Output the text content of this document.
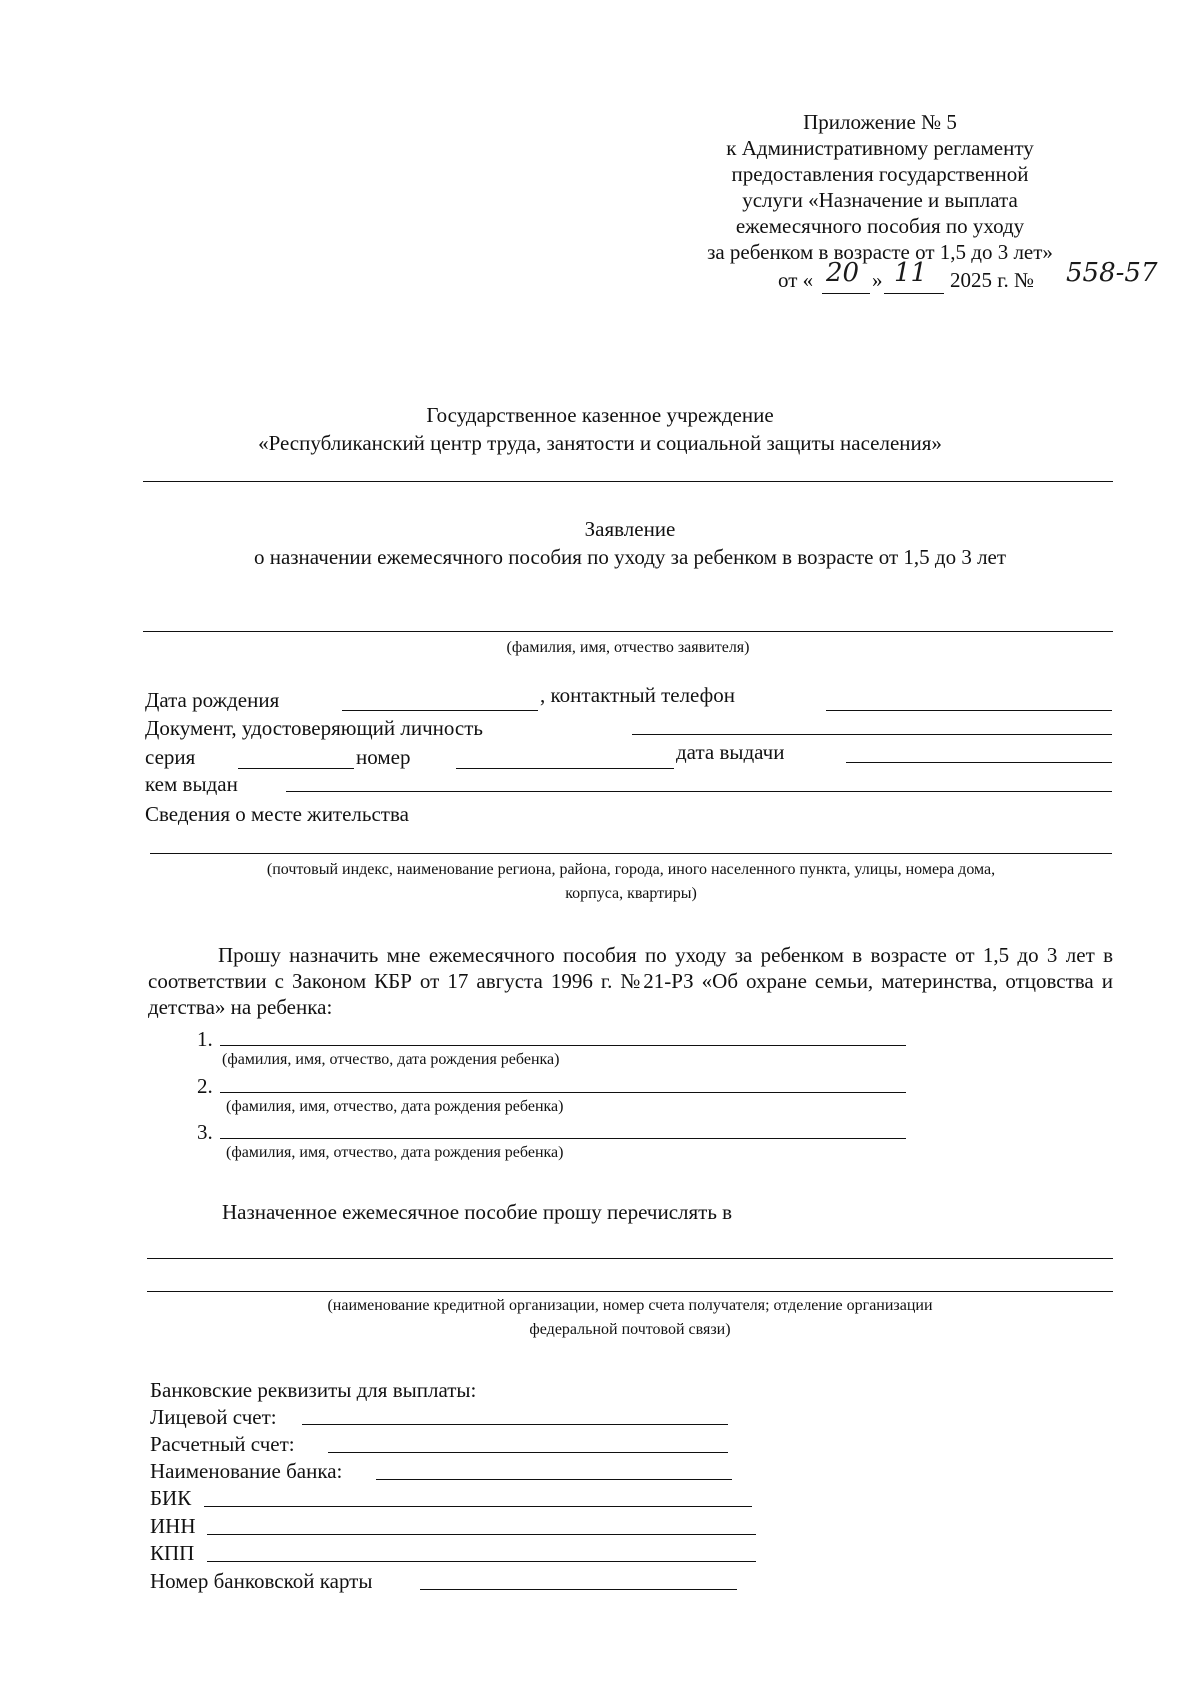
Приложение № 5
к Административному регламенту
предоставления государственной
услуги «Назначение и выплата
ежемесячного пособия по уходу
за ребенком в возрасте от 1,5 до 3 лет»
от « 20 » 11 2025 г. № 558-57
Государственное казенное учреждение
«Республиканский центр труда, занятости и социальной защиты населения»
Заявление
о назначении ежемесячного пособия по уходу за ребенком в возрасте от 1,5 до 3 лет
(фамилия, имя, отчество заявителя)
Дата рождения	, контактный телефон
Документ, удостоверяющий личность
серия	номер	дата выдачи
кем выдан
Сведения о месте жительства
(почтовый индекс, наименование региона, района, города, иного населенного пункта, улицы, номера дома,
корпуса, квартиры)
Прошу назначить мне ежемесячного пособия по уходу за ребенком в возрасте от 1,5 до 3 лет в соответствии с Законом КБР от 17 августа 1996 г. №21-РЗ «Об охране семьи, материнства, отцовства и детства» на ребенка:
1.
(фамилия, имя, отчество, дата рождения ребенка)
2.
(фамилия, имя, отчество, дата рождения ребенка)
3.
(фамилия, имя, отчество, дата рождения ребенка)
Назначенное ежемесячное пособие прошу перечислять в
(наименование кредитной организации, номер счета получателя; отделение организации
федеральной почтовой связи)
Банковские реквизиты для выплаты:
Лицевой счет:
Расчетный счет:
Наименование банка:
БИК
ИНН
КПП
Номер банковской карты
